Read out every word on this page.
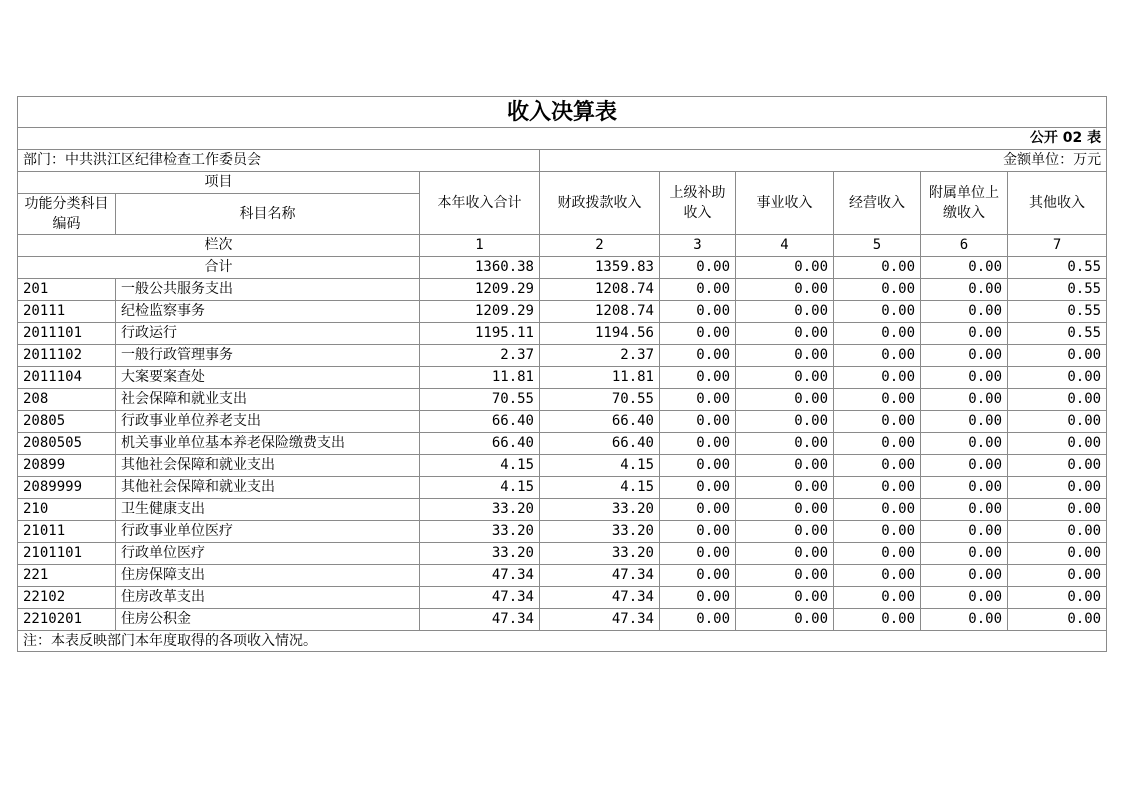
收入决算表								
公开 02 表								
部门：中共洪江区纪律检查工作委员会			金额单位：万元					
项目		本年收入合计	财政拨款收入	上级补助收入	事业收入	经营收入	附属单位上缴收入	其他收入

功能分类科目编码	科目名称							
栏次		1	2	3	4	5	6	7
合计		1360.38	1359.83	0.00	0.00	0.00	0.00	0.55
201	一般公共服务支出	1209.29	1208.74	0.00	0.00	0.00	0.00	0.55
20111	纪检监察事务	1209.29	1208.74	0.00	0.00	0.00	0.00	0.55
2011101	行政运行	1195.11	1194.56	0.00	0.00	0.00	0.00	0.55
2011102	一般行政管理事务	2.37	2.37	0.00	0.00	0.00	0.00	0.00
2011104	大案要案查处	11.81	11.81	0.00	0.00	0.00	0.00	0.00
208	社会保障和就业支出	70.55	70.55	0.00	0.00	0.00	0.00	0.00
20805	行政事业单位养老支出	66.40	66.40	0.00	0.00	0.00	0.00	0.00
2080505	机关事业单位基本养老保险缴费支出	66.40	66.40	0.00	0.00	0.00	0.00	0.00
20899	其他社会保障和就业支出	4.15	4.15	0.00	0.00	0.00	0.00	0.00
2089999	其他社会保障和就业支出	4.15	4.15	0.00	0.00	0.00	0.00	0.00
210	卫生健康支出	33.20	33.20	0.00	0.00	0.00	0.00	0.00
21011	行政事业单位医疗	33.20	33.20	0.00	0.00	0.00	0.00	0.00
2101101	行政单位医疗	33.20	33.20	0.00	0.00	0.00	0.00	0.00
221	住房保障支出	47.34	47.34	0.00	0.00	0.00	0.00	0.00
22102	住房改革支出	47.34	47.34	0.00	0.00	0.00	0.00	0.00
2210201	住房公积金	47.34	47.34	0.00	0.00	0.00	0.00	0.00
注：本表反映部门本年度取得的各项收入情况。								
